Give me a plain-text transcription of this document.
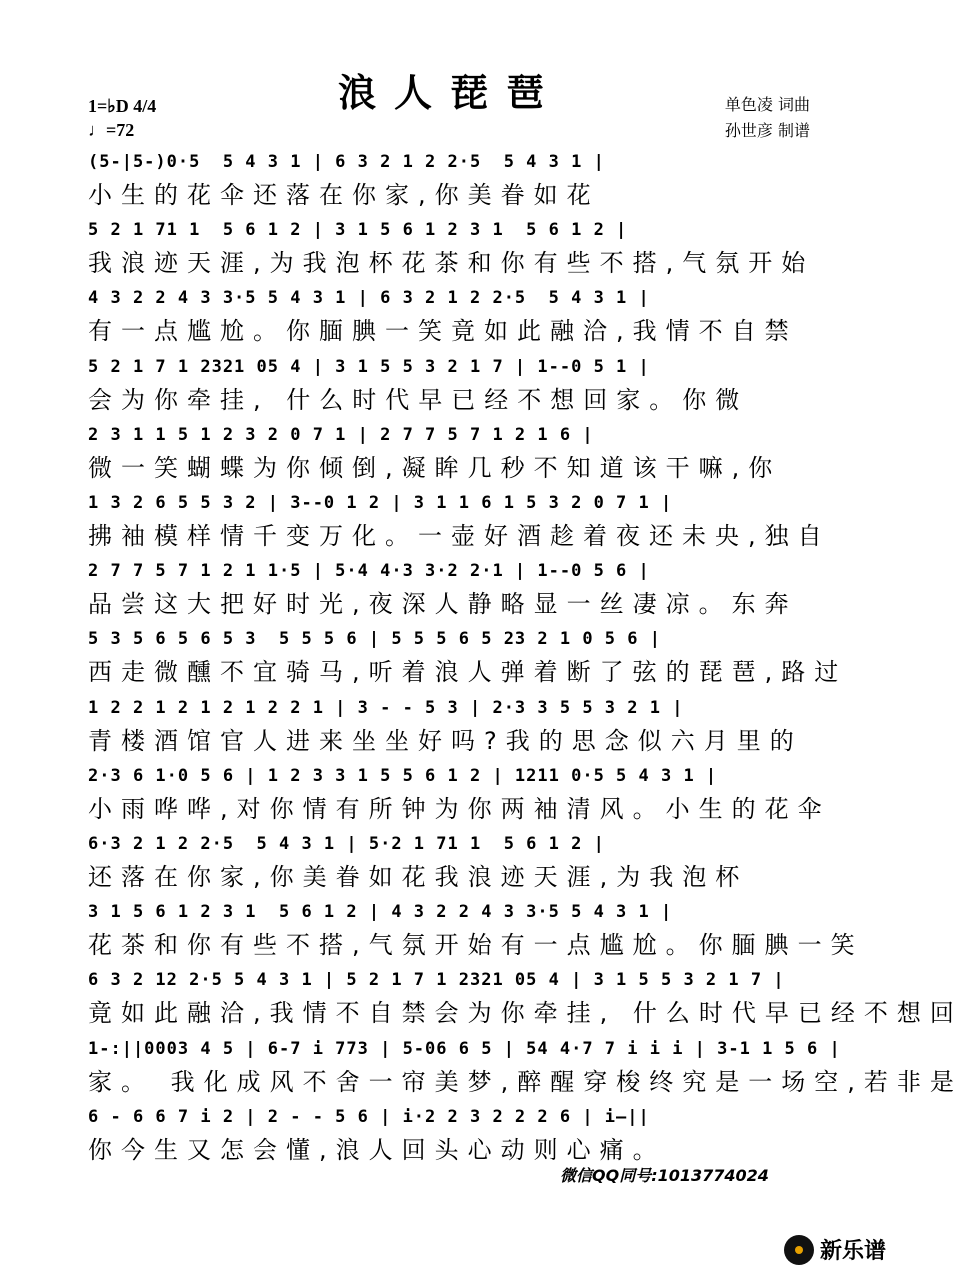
浪人琵琶
1=♭D 4/4
♩=72
单色凌 词曲
孙世彦 制谱
(5-|5-)0·5  5 4 3 1 | 6 3 2 1 2 2·5  5 4 3 1 |
小生的花伞还落在你家,你美眷如花
5 2 1 71 1  5 6 1 2 | 3 1 5 6 1 2 3 1  5 6 1 2 |
我浪迹天涯,为我泡杯花茶和你有些不搭,气氛开始
4 3 2 2 4 3 3·5 5 4 3 1 | 6 3 2 1 2 2·5  5 4 3 1 |
有一点尴尬。你腼腆一笑竟如此融洽,我情不自禁
5 2 1 7 1 2321 05 4 | 3 1 5 5 3 2 1 7 | 1--0 5 1 |
会为你牵挂, 什么时代早已经不想回家。你微
2 3 1 1 5 1 2 3 2 0 7 1 | 2 7 7 5 7 1 2 1 6 |
微一笑蝴蝶为你倾倒,凝眸几秒不知道该干嘛,你
1 3 2 6 5 5 3 2 | 3--0 1 2 | 3 1 1 6 1 5 3 2 0 7 1 |
拂袖模样情千变万化。一壶好酒趁着夜还未央,独自
2 7 7 5 7 1 2 1 1·5 | 5·4 4·3 3·2 2·1 | 1--0 5 6 |
品尝这大把好时光,夜深人静略显一丝凄凉。东奔
5 3 5 6 5 6 5 3  5 5 5 6 | 5 5 5 6 5 23 2 1 0 5 6 |
西走微醺不宜骑马,听着浪人弹着断了弦的琵琶,路过
1 2 2 1 2 1 2 1 2 2 1 | 3 - - 5 3 | 2·3 3 5 5 3 2 1 |
青楼酒馆官人进来坐坐好吗?我的思念似六月里的
2·3 6 1·0 5 6 | 1 2 3 3 1 5 5 6 1 2 | 1211 0·5 5 4 3 1 |
小雨哗哗,对你情有所钟为你两袖清风。小生的花伞
6·3 2 1 2 2·5  5 4 3 1 | 5·2 1 71 1  5 6 1 2 |
还落在你家,你美眷如花我浪迹天涯,为我泡杯
3 1 5 6 1 2 3 1  5 6 1 2 | 4 3 2 2 4 3 3·5 5 4 3 1 |
花茶和你有些不搭,气氛开始有一点尴尬。你腼腆一笑
6 3 2 12 2·5 5 4 3 1 | 5 2 1 7 1 2321 05 4 | 3 1 5 5 3 2 1 7 |
竟如此融洽,我情不自禁会为你牵挂, 什么时代早已经不想回
1-:||0003 4 5 | 6-7 i 773 | 5-06 6 5 | 54 4·7 7 i i i | 3-1 1 5 6 |
家。 我化成风不舍一帘美梦,醉醒穿梭终究是一场空,若非是
6 - 6 6 7 i 2 | 2 - - 5 6 | i·2 2 3 2 2 2 6 | i—||
你今生又怎会懂,浪人回头心动则心痛。
微信QQ同号:1013774024
新乐谱
